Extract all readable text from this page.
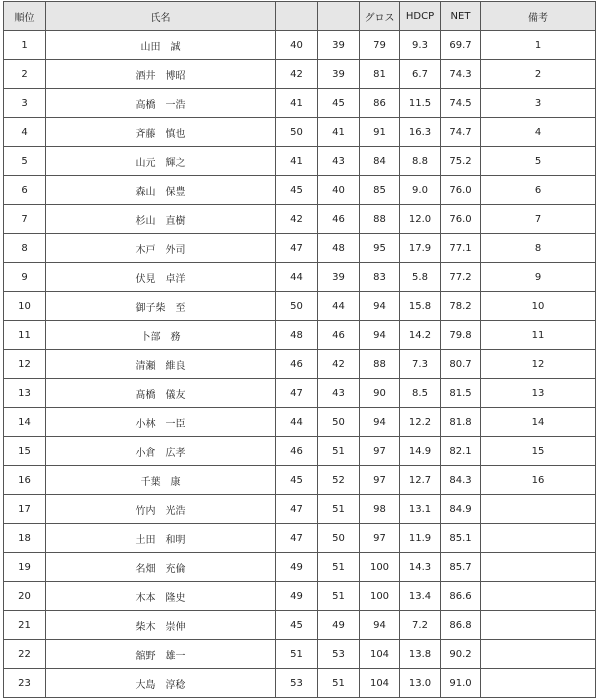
順位	氏名			グロス	HDCP	NET	備考
1	山田　誠	40	39	79	9.3	69.7	1
2	酒井　博昭	42	39	81	6.7	74.3	2
3	高橋　一浩	41	45	86	11.5	74.5	3
4	斉藤　慎也	50	41	91	16.3	74.7	4
5	山元　輝之	41	43	84	8.8	75.2	5
6	森山　保豊	45	40	85	9.0	76.0	6
7	杉山　直樹	42	46	88	12.0	76.0	7
8	木戸　外司	47	48	95	17.9	77.1	8
9	伏見　卓洋	44	39	83	5.8	77.2	9
10	御子柴　至	50	44	94	15.8	78.2	10
11	卜部　務	48	46	94	14.2	79.8	11
12	清瀬　維良	46	42	88	7.3	80.7	12
13	髙橋　儀友	47	43	90	8.5	81.5	13
14	小林　一臣	44	50	94	12.2	81.8	14
15	小倉　広孝	46	51	97	14.9	82.1	15
16	千葉　康	45	52	97	12.7	84.3	16
17	竹内　光浩	47	51	98	13.1	84.9	
18	土田　和明	47	50	97	11.9	85.1	
19	名畑　充倫	49	51	100	14.3	85.7	
20	木本　隆史	49	51	100	13.4	86.6	
21	柴木　崇伸	45	49	94	7.2	86.8	
22	舘野　雄一	51	53	104	13.8	90.2	
23	大島　淳稔	53	51	104	13.0	91.0	
